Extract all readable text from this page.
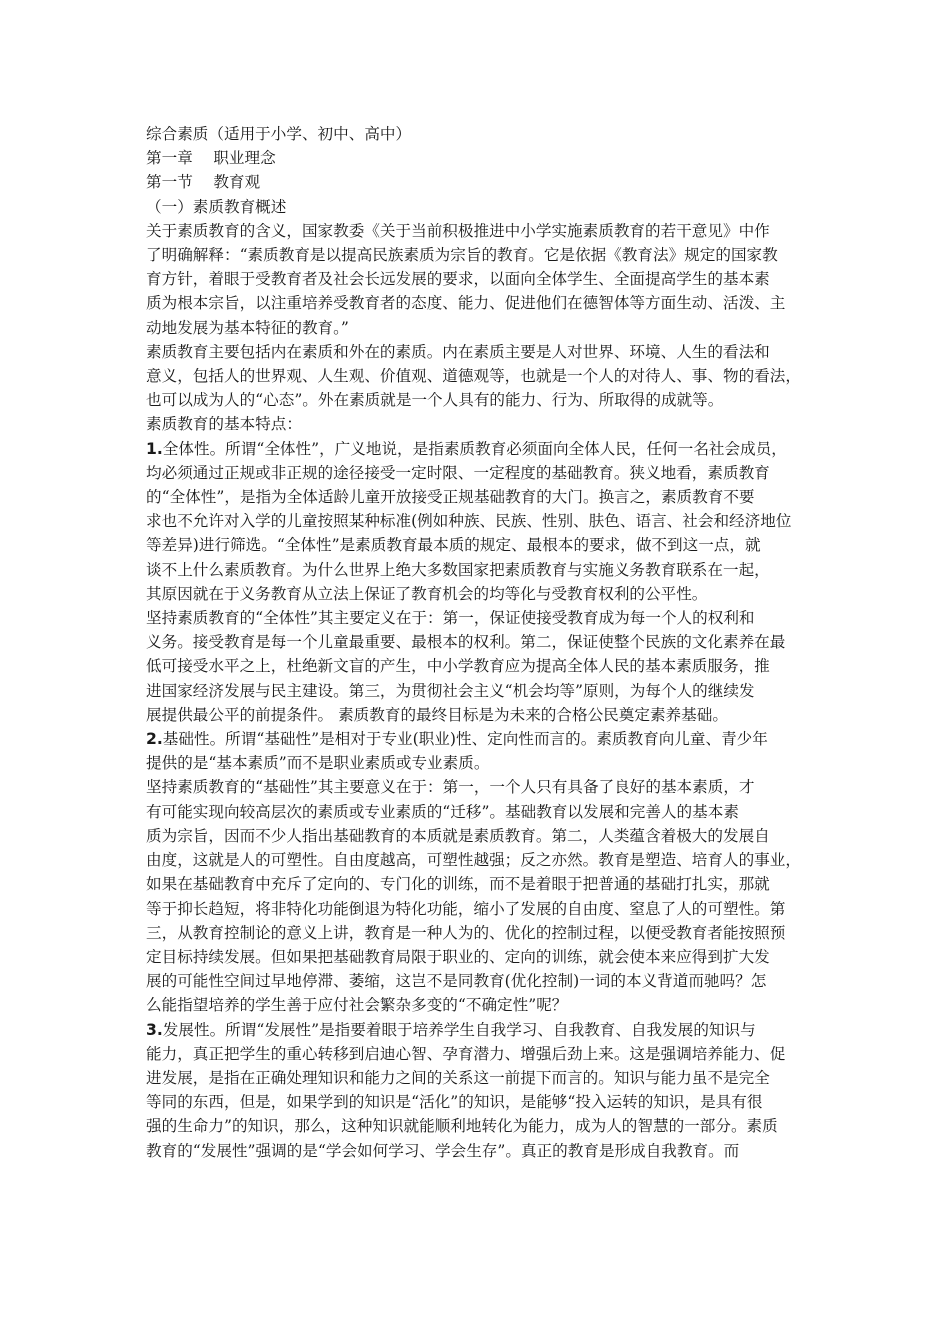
综合素质（适用于小学、初中、高中）
第一章　 职业理念
第一节　 教育观
（一）素质教育概述
关于素质教育的含义，国家教委《关于当前积极推进中小学实施素质教育的若干意见》中作
了明确解释：“素质教育是以提高民族素质为宗旨的教育。它是依据《教育法》规定的国家教
育方针，着眼于受教育者及社会长远发展的要求，以面向全体学生、全面提高学生的基本素
质为根本宗旨，以注重培养受教育者的态度、能力、促进他们在德智体等方面生动、活泼、主
动地发展为基本特征的教育。”
素质教育主要包括内在素质和外在的素质。内在素质主要是人对世界、环境、人生的看法和
意义，包括人的世界观、人生观、价值观、道德观等，也就是一个人的对待人、事、物的看法，
也可以成为人的“心态”。外在素质就是一个人具有的能力、行为、所取得的成就等。
素质教育的基本特点：
1.全体性。所谓“全体性”，广义地说，是指素质教育必须面向全体人民，任何一名社会成员，
均必须通过正规或非正规的途径接受一定时限、一定程度的基础教育。狭义地看，素质教育
的“全体性”，是指为全体适龄儿童开放接受正规基础教育的大门。换言之，素质教育不要
求也不允许对入学的儿童按照某种标准(例如种族、民族、性别、肤色、语言、社会和经济地位
等差异)进行筛选。“全体性”是素质教育最本质的规定、最根本的要求，做不到这一点，就
谈不上什么素质教育。为什么世界上绝大多数国家把素质教育与实施义务教育联系在一起，
其原因就在于义务教育从立法上保证了教育机会的均等化与受教育权利的公平性。
坚持素质教育的“全体性”其主要定义在于：第一，保证使接受教育成为每一个人的权利和
义务。接受教育是每一个儿童最重要、最根本的权利。第二，保证使整个民族的文化素养在最
低可接受水平之上，杜绝新文盲的产生，中小学教育应为提高全体人民的基本素质服务，推
进国家经济发展与民主建设。第三，为贯彻社会主义“机会均等”原则，为每个人的继续发
展提供最公平的前提条件。 素质教育的最终目标是为未来的合格公民奠定素养基础。
2.基础性。所谓“基础性”是相对于专业(职业)性、定向性而言的。素质教育向儿童、青少年
提供的是“基本素质”而不是职业素质或专业素质。
坚持素质教育的“基础性”其主要意义在于：第一，一个人只有具备了良好的基本素质，才
有可能实现向较高层次的素质或专业素质的“迁移”。基础教育以发展和完善人的基本素
质为宗旨，因而不少人指出基础教育的本质就是素质教育。第二，人类蕴含着极大的发展自
由度，这就是人的可塑性。自由度越高，可塑性越强；反之亦然。教育是塑造、培育人的事业，
如果在基础教育中充斥了定向的、专门化的训练，而不是着眼于把普通的基础打扎实，那就
等于抑长趋短，将非特化功能倒退为特化功能，缩小了发展的自由度、窒息了人的可塑性。第
三，从教育控制论的意义上讲，教育是一种人为的、优化的控制过程，以便受教育者能按照预
定目标持续发展。但如果把基础教育局限于职业的、定向的训练，就会使本来应得到扩大发
展的可能性空间过早地停滞、萎缩，这岂不是同教育(优化控制)一词的本义背道而驰吗？怎
么能指望培养的学生善于应付社会繁杂多变的“不确定性”呢？
3.发展性。所谓“发展性”是指要着眼于培养学生自我学习、自我教育、自我发展的知识与
能力，真正把学生的重心转移到启迪心智、孕育潜力、增强后劲上来。这是强调培养能力、促
进发展，是指在正确处理知识和能力之间的关系这一前提下而言的。知识与能力虽不是完全
等同的东西，但是，如果学到的知识是“活化”的知识，是能够“投入运转的知识，是具有很
强的生命力”的知识，那么，这种知识就能顺利地转化为能力，成为人的智慧的一部分。素质
教育的“发展性”强调的是“学会如何学习、学会生存”。真正的教育是形成自我教育。而
